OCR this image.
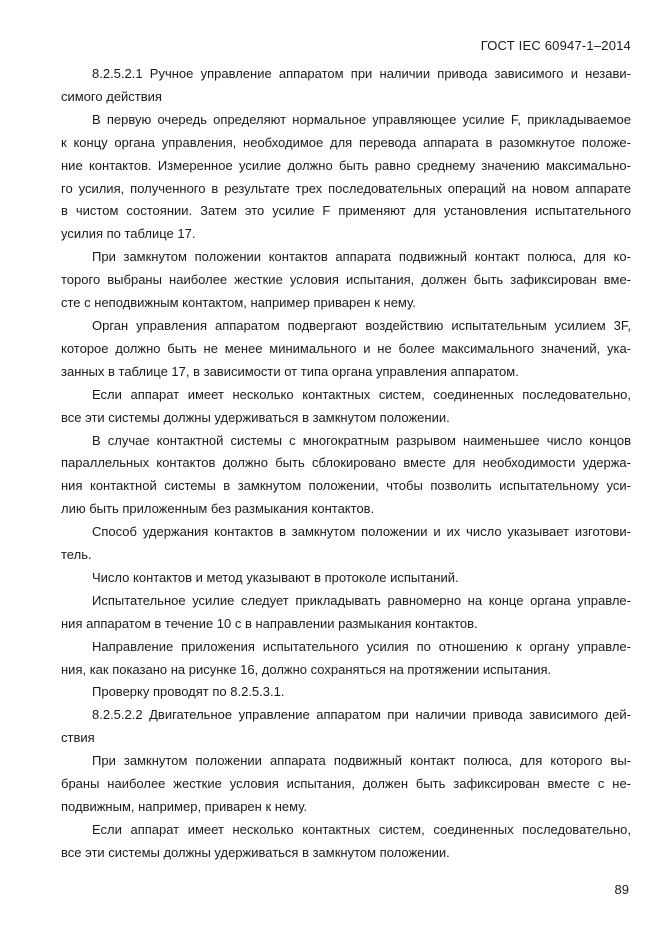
ГОСТ IEC 60947-1–2014
8.2.5.2.1 Ручное управление аппаратом при наличии привода зависимого и незави-
симого действия
В первую очередь определяют нормальное управляющее усилие F, прикладываемое
к концу органа управления, необходимое для перевода аппарата в разомкнутое положе-
ние контактов. Измеренное усилие должно быть равно среднему значению максимально-
го усилия, полученного в результате трех последовательных операций на новом аппарате
в чистом состоянии. Затем это усилие F применяют для установления испытательного
усилия по таблице 17.
При замкнутом положении контактов аппарата подвижный контакт полюса, для ко-
торого выбраны наиболее жесткие условия испытания, должен быть зафиксирован вме-
сте с неподвижным контактом, например приварен к нему.
Орган управления аппаратом подвергают воздействию испытательным усилием 3F,
которое должно быть не менее минимального и не более максимального значений, ука-
занных в таблице 17, в зависимости от типа органа управления аппаратом.
Если аппарат имеет несколько контактных систем, соединенных последовательно,
все эти системы должны удерживаться в замкнутом положении.
В случае контактной системы с многократным разрывом наименьшее число концов
параллельных контактов должно быть сблокировано вместе для необходимости удержа-
ния контактной системы в замкнутом положении, чтобы позволить испытательному уси-
лию быть приложенным без размыкания контактов.
Способ удержания контактов в замкнутом положении и их число указывает изготови-
тель.
Число контактов и метод указывают в протоколе испытаний.
Испытательное усилие следует прикладывать равномерно на конце органа управле-
ния аппаратом в течение 10 с в направлении размыкания контактов.
Направление приложения испытательного усилия по отношению к органу управле-
ния, как показано на рисунке 16, должно сохраняться на протяжении испытания.
Проверку проводят по 8.2.5.3.1.
8.2.5.2.2 Двигательное управление аппаратом при наличии привода зависимого дей-
ствия
При замкнутом положении аппарата подвижный контакт полюса, для которого вы-
браны наиболее жесткие условия испытания, должен быть зафиксирован вместе с не-
подвижным, например, приварен к нему.
Если аппарат имеет несколько контактных систем, соединенных последовательно,
все эти системы должны удерживаться в замкнутом положении.
89
